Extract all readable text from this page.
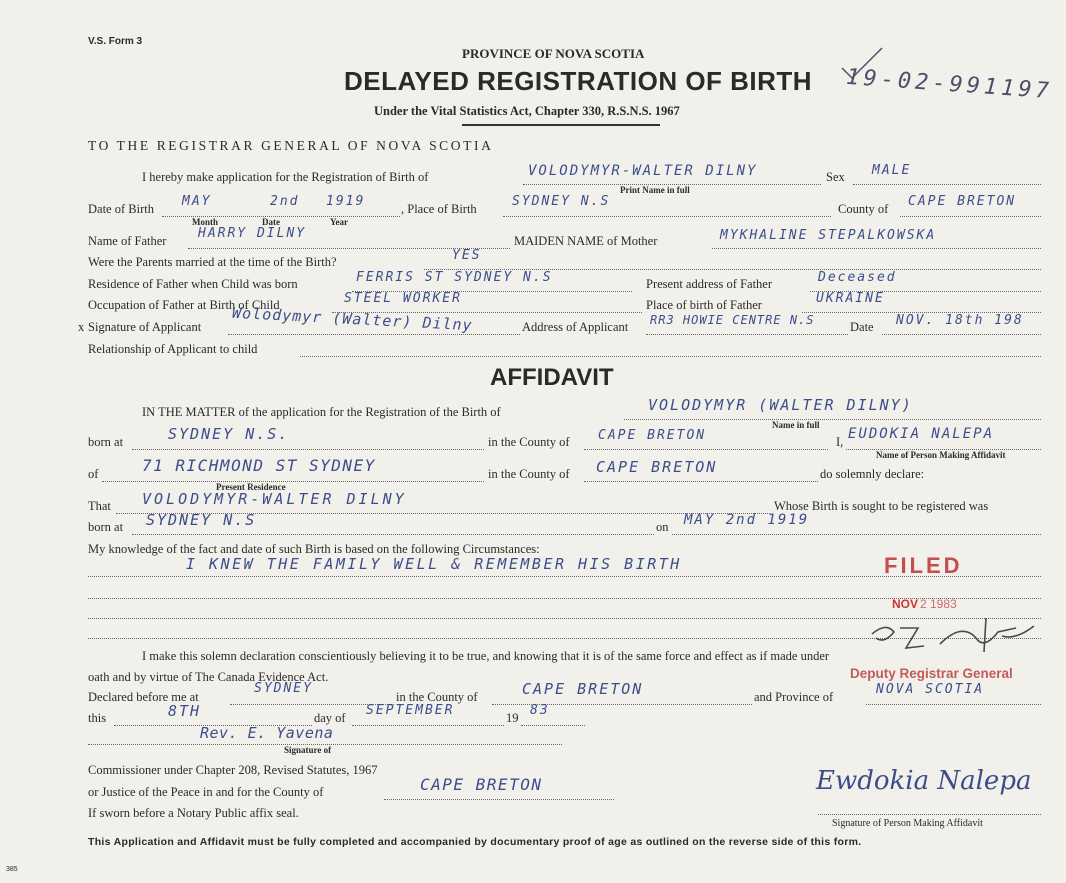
V.S. Form 3
PROVINCE OF NOVA SCOTIA
DELAYED REGISTRATION OF BIRTH 19-02-991197
Under the Vital Statistics Act, Chapter 330, R.S.N.S. 1967
TO THE REGISTRAR GENERAL OF NOVA SCOTIA
I hereby make application for the Registration of Birth of	VOLODYMYR-WALTER DILNY	Sex MALE
Print Name in full
Date of Birth MAY	2nd 1919
Month	Date	Year
, Place of Birth	SYDNEY N.S	County of CAPE BRETON
Name of Father HARRY DILNY	MAIDEN NAME of Mother	MYKHALINE STEPALKOWSKA
Were the Parents married at the time of the Birth?	YES
Residence of Father when Child was born	FERRIS ST SYDNEY N.S	Present address of Father	Deceased
Occupation of Father at Birth of Child	STEEL WORKER	Place of birth of Father	UKRAINE
x Signature of Applicant Wolodymyr (Walter) Dilny	Address of Applicant RR3 HOWIE CENTRE N.S	Date NOV. 18th 198
Relationship of Applicant to child
AFFIDAVIT
IN THE MATTER of the application for the Registration of the Birth of	VOLODYMYR (WALTER DILNY)
Name in full
born at	SYDNEY N.S.	in the County of CAPE BRETON	I, EUDOKIA NALEPA
Name of Person Making Affidavit
of	71 RICHMOND ST SYDNEY
Present Residence
in the County of CAPE BRETON	do solemnly declare:
That VOLODYMYR-WALTER DILNY	Whose Birth is sought to be registered was
born at SYDNEY N.S	on MAY 2nd 1919
My knowledge of the fact and date of such Birth is based on the following Circumstances:
I KNEW THE FAMILY WELL & REMEMBER HIS BIRTH
I make this solemn declaration conscientiously believing it to be true, and knowing that it is of the same force and effect as if made under
oath and by virtue of The Canada Evidence Act.
Declared before me at
SYDNEY
in the County of	CAPE BRETON	and Province of	NOVA SCOTIA
this	8TH	day of SEPTEMBER	19 83
Rev. E. Yavena
Signature of
Commissioner under Chapter 208, Revised Statutes, 1967
or Justice of the Peace in and for the County of	CAPE BRETON
If sworn before a Notary Public affix seal.
Ewdokia Nalepa
Signature of Person Making Affidavit
FILED
NOV 2 1983
Deputy Registrar General
This Application and Affidavit must be fully completed and accompanied by documentary proof of age as outlined on the reverse side of this form.
385
